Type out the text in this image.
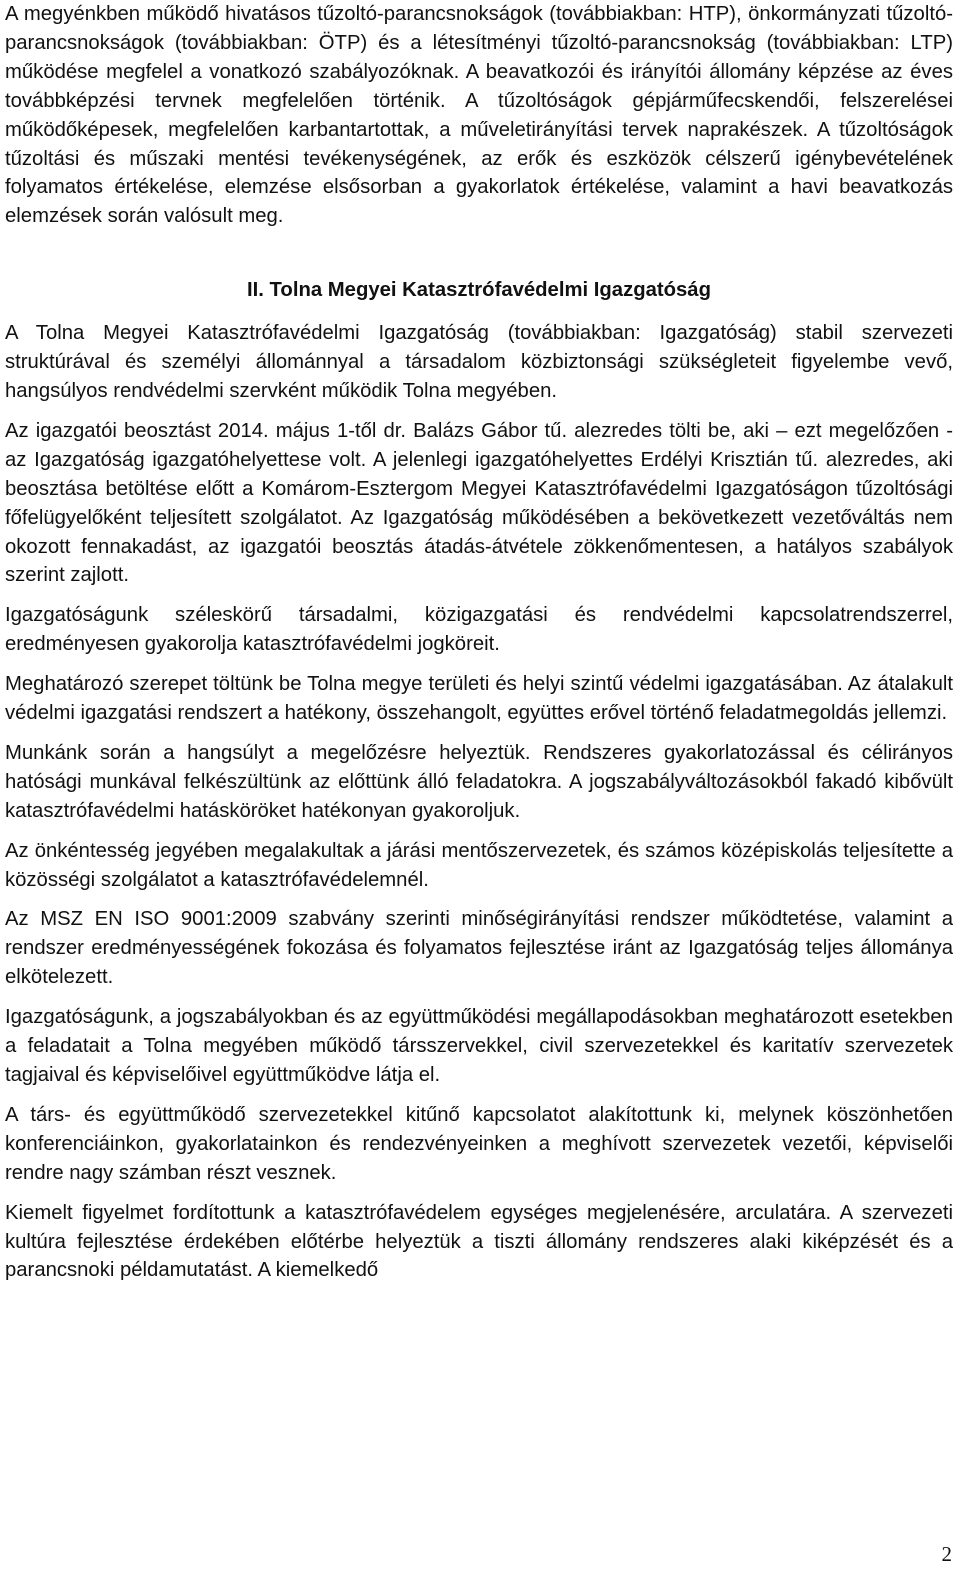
A megyénkben működő hivatásos tűzoltó-parancsnokságok (továbbiakban: HTP), önkormányzati tűzoltó-parancsnokságok (továbbiakban: ÖTP) és a létesítményi tűzoltó-parancsnokság (továbbiakban: LTP) működése megfelel a vonatkozó szabályozóknak. A beavatkozói és irányítói állomány képzése az éves továbbképzési tervnek megfelelően történik. A tűzoltóságok gépjárműfecskendői, felszerelései működőképesek, megfelelően karbantartottak, a műveletirányítási tervek naprakészek. A tűzoltóságok tűzoltási és műszaki mentési tevékenységének, az erők és eszközök célszerű igénybevételének folyamatos értékelése, elemzése elsősorban a gyakorlatok értékelése, valamint a havi beavatkozás elemzések során valósult meg.

II. Tolna Megyei Katasztrófavédelmi Igazgatóság

A Tolna Megyei Katasztrófavédelmi Igazgatóság (továbbiakban: Igazgatóság) stabil szervezeti struktúrával és személyi állománnyal a társadalom közbiztonsági szükségleteit figyelembe vevő, hangsúlyos rendvédelmi szervként működik Tolna megyében.

Az igazgatói beosztást 2014. május 1-től dr. Balázs Gábor tű. alezredes tölti be, aki – ezt megelőzően - az Igazgatóság igazgatóhelyettese volt. A jelenlegi igazgatóhelyettes Erdélyi Krisztián tű. alezredes, aki beosztása betöltése előtt a Komárom-Esztergom Megyei Katasztrófavédelmi Igazgatóságon tűzoltósági főfelügyelőként teljesített szolgálatot. Az Igazgatóság működésében a bekövetkezett vezetőváltás nem okozott fennakadást, az igazgatói beosztás átadás-átvétele zökkenőmentesen, a hatályos szabályok szerint zajlott.

Igazgatóságunk széleskörű társadalmi, közigazgatási és rendvédelmi kapcsolatrendszerrel, eredményesen gyakorolja katasztrófavédelmi jogköreit.

Meghatározó szerepet töltünk be Tolna megye területi és helyi szintű védelmi igazgatásában. Az átalakult védelmi igazgatási rendszert a hatékony, összehangolt, együttes erővel történő feladatmegoldás jellemzi.

Munkánk során a hangsúlyt a megelőzésre helyeztük. Rendszeres gyakorlatozással és célirányos hatósági munkával felkészültünk az előttünk álló feladatokra. A jogszabályváltozásokból fakadó kibővült katasztrófavédelmi hatásköröket hatékonyan gyakoroljuk.

Az önkéntesség jegyében megalakultak a járási mentőszervezetek, és számos középiskolás teljesítette a közösségi szolgálatot a katasztrófavédelemnél.

Az MSZ EN ISO 9001:2009 szabvány szerinti minőségirányítási rendszer működtetése, valamint a rendszer eredményességének fokozása és folyamatos fejlesztése iránt az Igazgatóság teljes állománya elkötelezett.

Igazgatóságunk, a jogszabályokban és az együttműködési megállapodásokban meghatározott esetekben a feladatait a Tolna megyében működő társszervekkel, civil szervezetekkel és karitatív szervezetek tagjaival és képviselőivel együttműködve látja el.

A társ- és együttműködő szervezetekkel kitűnő kapcsolatot alakítottunk ki, melynek köszönhetően konferenciáinkon, gyakorlatainkon és rendezvényeinken a meghívott szervezetek vezetői, képviselői rendre nagy számban részt vesznek.

Kiemelt figyelmet fordítottunk a katasztrófavédelem egységes megjelenésére, arculatára. A szervezeti kultúra fejlesztése érdekében előtérbe helyeztük a tiszti állomány rendszeres alaki kiképzését és a parancsnoki példamutatást. A kiemelkedő

2
